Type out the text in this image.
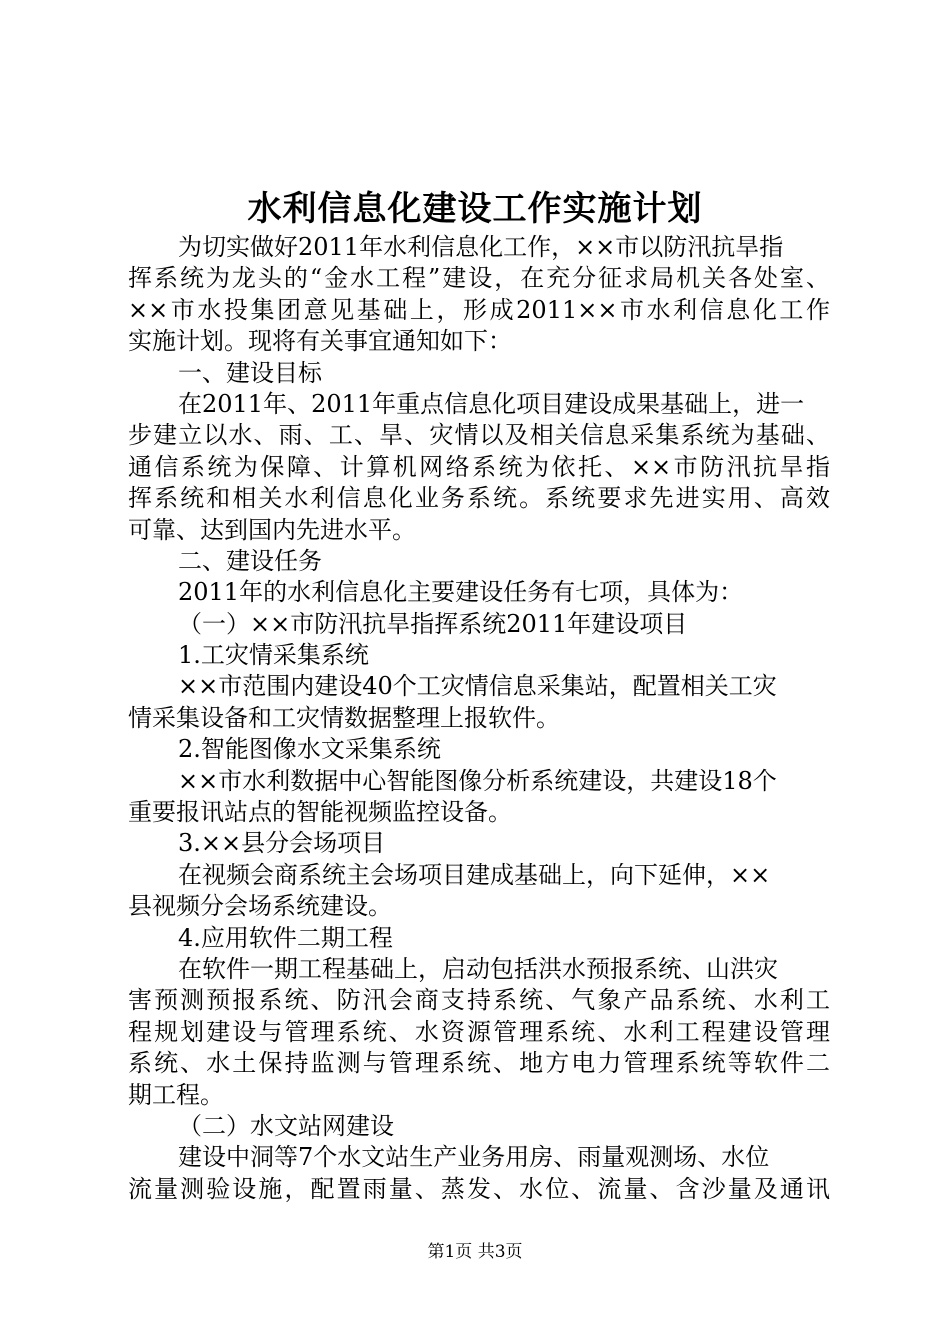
水利信息化建设工作实施计划
为切实做好2011年水利信息化工作，××市以防汛抗旱指
挥系统为龙头的“金水工程”建设，在充分征求局机关各处室、
××市水投集团意见基础上，形成2011××市水利信息化工作
实施计划。现将有关事宜通知如下：
一、建设目标
在2011年、2011年重点信息化项目建设成果基础上，进一
步建立以水、雨、工、旱、灾情以及相关信息采集系统为基础、
通信系统为保障、计算机网络系统为依托、××市防汛抗旱指
挥系统和相关水利信息化业务系统。系统要求先进实用、高效
可靠、达到国内先进水平。
二、建设任务
2011年的水利信息化主要建设任务有七项，具体为：
（一）××市防汛抗旱指挥系统2011年建设项目
1.工灾情采集系统
××市范围内建设40个工灾情信息采集站，配置相关工灾
情采集设备和工灾情数据整理上报软件。
2.智能图像水文采集系统
××市水利数据中心智能图像分析系统建设，共建设18个
重要报讯站点的智能视频监控设备。
3.××县分会场项目
在视频会商系统主会场项目建成基础上，向下延伸，××
县视频分会场系统建设。
4.应用软件二期工程
在软件一期工程基础上，启动包括洪水预报系统、山洪灾
害预测预报系统、防汛会商支持系统、气象产品系统、水利工
程规划建设与管理系统、水资源管理系统、水利工程建设管理
系统、水土保持监测与管理系统、地方电力管理系统等软件二
期工程。
（二）水文站网建设
建设中洞等7个水文站生产业务用房、雨量观测场、水位
流量测验设施，配置雨量、蒸发、水位、流量、含沙量及通讯
第1页 共3页
